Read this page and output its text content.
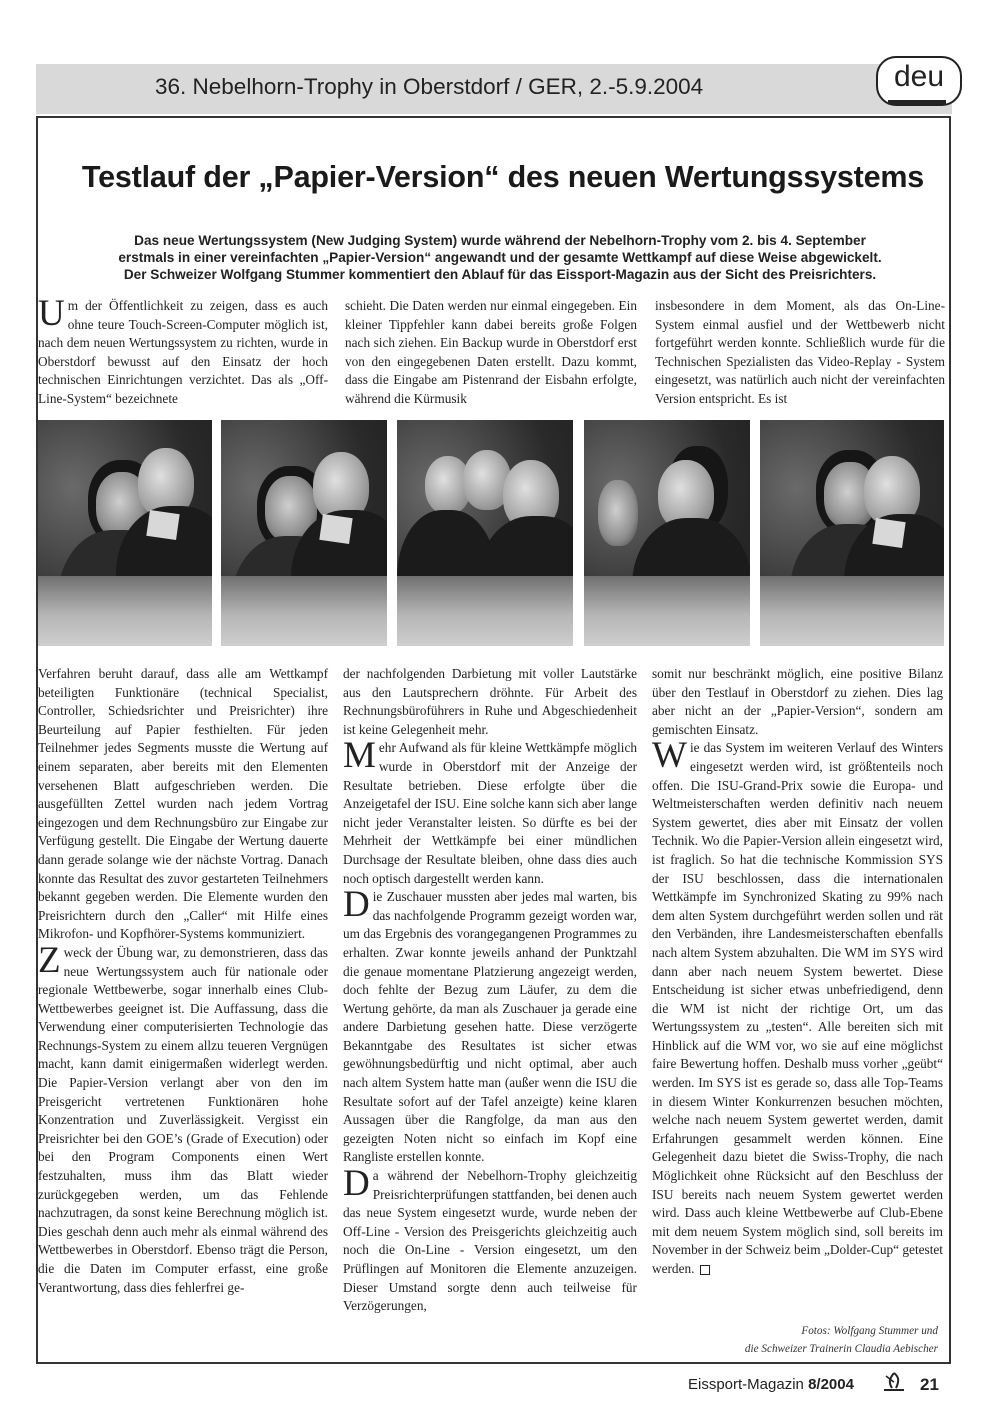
36. Nebelhorn-Trophy in Oberstdorf / GER, 2.-5.9.2004	deu
Testlauf der „Papier-Version“ des neuen Wertungssystems
Das neue Wertungssystem (New Judging System) wurde während der Nebelhorn-Trophy vom 2. bis 4. September
erstmals in einer vereinfachten „Papier-Version“ angewandt und der gesamte Wettkampf auf diese Weise abgewickelt.
Der Schweizer Wolfgang Stummer kommentiert den Ablauf für das Eissport-Magazin aus der Sicht des Preisrichters.

Um der Öffentlichkeit zu zeigen, dass es auch ohne teure Touch-Screen-Computer möglich ist, nach dem neuen Wertungssystem zu richten, wurde in Oberstdorf bewusst auf den Einsatz der hoch technischen Einrichtungen verzichtet. Das als „Off-Line-System“ bezeichnete

schieht. Die Daten werden nur einmal eingegeben. Ein kleiner Tippfehler kann dabei bereits große Folgen nach sich ziehen. Ein Backup wurde in Oberstdorf erst von den eingegebenen Daten erstellt. Dazu kommt, dass die Eingabe am Pistenrand der Eisbahn erfolgte, während die Kürmusik

insbesondere in dem Moment, als das On-Line-System einmal ausfiel und der Wettbewerb nicht fortgeführt werden konnte. Schließlich wurde für die Technischen Spezialisten das Video-Replay - System eingesetzt, was natürlich auch nicht der vereinfachten Version entspricht. Es ist

Verfahren beruht darauf, dass alle am Wettkampf beteiligten Funktionäre (technical Specialist, Controller, Schiedsrichter und Preisrichter) ihre Beurteilung auf Papier festhielten. Für jeden Teilnehmer jedes Segments musste die Wertung auf einem separaten, aber bereits mit den Elementen versehenen Blatt aufgeschrieben werden. Die ausgefüllten Zettel wurden nach jedem Vortrag eingezogen und dem Rechnungsbüro zur Eingabe zur Verfügung gestellt. Die Eingabe der Wertung dauerte dann gerade solange wie der nächste Vortrag. Danach konnte das Resultat des zuvor gestarteten Teilnehmers bekannt gegeben werden. Die Elemente wurden den Preisrichtern durch den „Caller“ mit Hilfe eines Mikrofon- und Kopfhörer-Systems kommuniziert.

Zweck der Übung war, zu demonstrieren, dass das neue Wertungssystem auch für nationale oder regionale Wettbewerbe, sogar innerhalb eines Club-Wettbewerbes geeignet ist. Die Auffassung, dass die Verwendung einer computerisierten Technologie das Rechnungs-System zu einem allzu teueren Vergnügen macht, kann damit einigermaßen widerlegt werden. Die Papier-Version verlangt aber von den im Preisgericht vertretenen Funktionären hohe Konzentration und Zuverlässigkeit. Vergisst ein Preisrichter bei den GOE’s (Grade of Execution) oder bei den Program Components einen Wert festzuhalten, muss ihm das Blatt wieder zurückgegeben werden, um das Fehlende nachzutragen, da sonst keine Berechnung möglich ist. Dies geschah denn auch mehr als einmal während des Wettbewerbes in Oberstdorf. Ebenso trägt die Person, die die Daten im Computer erfasst, eine große Verantwortung, dass dies fehlerfrei ge-

der nachfolgenden Darbietung mit voller Lautstärke aus den Lautsprechern dröhnte. Für Arbeit des Rechnungsbüroführers in Ruhe und Abgeschiedenheit ist keine Gelegenheit mehr.

Mehr Aufwand als für kleine Wettkämpfe möglich wurde in Oberstdorf mit der Anzeige der Resultate betrieben. Diese erfolgte über die Anzeigetafel der ISU. Eine solche kann sich aber lange nicht jeder Veranstalter leisten. So dürfte es bei der Mehrheit der Wettkämpfe bei einer mündlichen Durchsage der Resultate bleiben, ohne dass dies auch noch optisch dargestellt werden kann.

Die Zuschauer mussten aber jedes mal warten, bis das nachfolgende Programm gezeigt worden war, um das Ergebnis des vorangegangenen Programmes zu erhalten. Zwar konnte jeweils anhand der Punktzahl die genaue momentane Platzierung angezeigt werden, doch fehlte der Bezug zum Läufer, zu dem die Wertung gehörte, da man als Zuschauer ja gerade eine andere Darbietung gesehen hatte. Diese verzögerte Bekanntgabe des Resultates ist sicher etwas gewöhnungsbedürftig und nicht optimal, aber auch nach altem System hatte man (außer wenn die ISU die Resultate sofort auf der Tafel anzeigte) keine klaren Aussagen über die Rangfolge, da man aus den gezeigten Noten nicht so einfach im Kopf eine Rangliste erstellen konnte.

Da während der Nebelhorn-Trophy gleichzeitig Preisrichterprüfungen stattfanden, bei denen auch das neue System eingesetzt wurde, wurde neben der Off-Line - Version des Preisgerichts gleichzeitig auch noch die On-Line - Version eingesetzt, um den Prüflingen auf Monitoren die Elemente anzuzeigen. Dieser Umstand sorgte denn auch teilweise für Verzögerungen,

somit nur beschränkt möglich, eine positive Bilanz über den Testlauf in Oberstdorf zu ziehen. Dies lag aber nicht an der „Papier-Version“, sondern am gemischten Einsatz.

Wie das System im weiteren Verlauf des Winters eingesetzt werden wird, ist größtenteils noch offen. Die ISU-Grand-Prix sowie die Europa- und Weltmeisterschaften werden definitiv nach neuem System gewertet, dies aber mit Einsatz der vollen Technik. Wo die Papier-Version allein eingesetzt wird, ist fraglich. So hat die technische Kommission SYS der ISU beschlossen, dass die internationalen Wettkämpfe im Synchronized Skating zu 99% nach dem alten System durchgeführt werden sollen und rät den Verbänden, ihre Landesmeisterschaften ebenfalls nach altem System abzuhalten. Die WM im SYS wird dann aber nach neuem System bewertet. Diese Entscheidung ist sicher etwas unbefriedigend, denn die WM ist nicht der richtige Ort, um das Wertungssystem zu „testen“. Alle bereiten sich mit Hinblick auf die WM vor, wo sie auf eine möglichst faire Bewertung hoffen. Deshalb muss vorher „geübt“ werden. Im SYS ist es gerade so, dass alle Top-Teams in diesem Winter Konkurrenzen besuchen möchten, welche nach neuem System gewertet werden, damit Erfahrungen gesammelt werden können. Eine Gelegenheit dazu bietet die Swiss-Trophy, die nach Möglichkeit ohne Rücksicht auf den Beschluss der ISU bereits nach neuem System gewertet werden wird. Dass auch kleine Wettbewerbe auf Club-Ebene mit dem neuem System möglich sind, soll bereits im November in der Schweiz beim „Dolder-Cup“ getestet werden.

Fotos: Wolfgang Stummer und
die Schweizer Trainerin Claudia Aebischer
Eissport-Magazin 8/2004	21
